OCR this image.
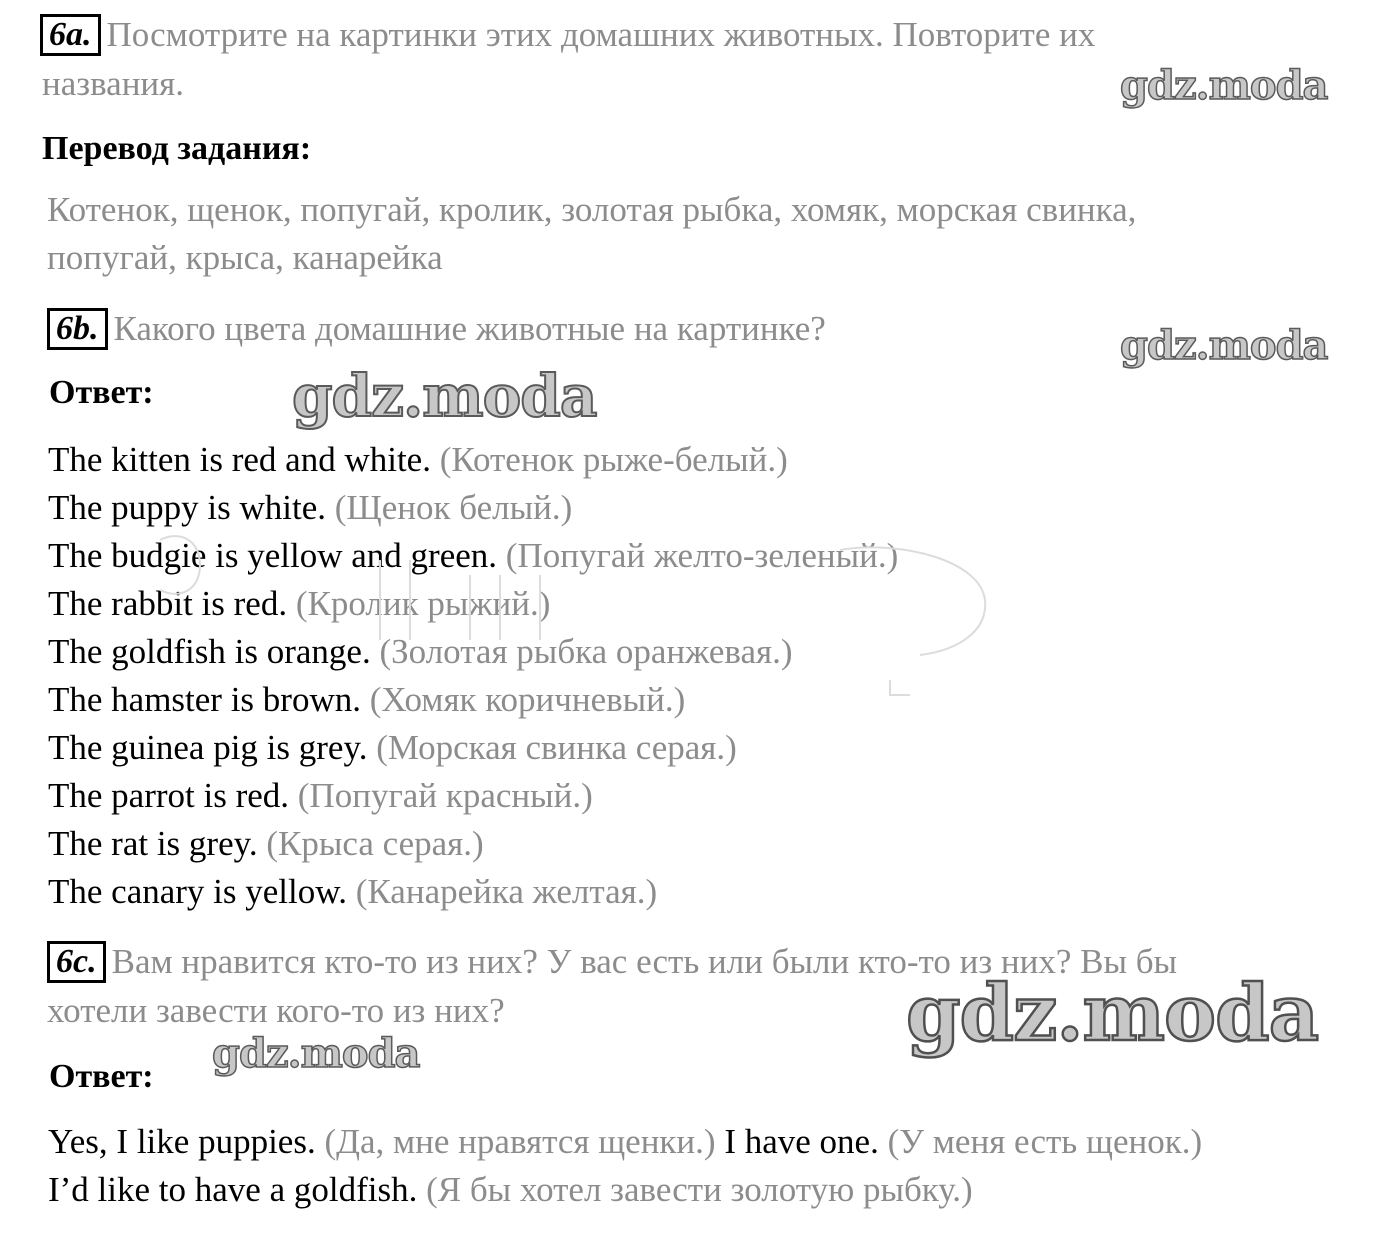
6a. Посмотрите на картинки этих домашних животных. Повторите их
названия.
Перевод задания:
Котенок, щенок, попугай, кролик, золотая рыбка, хомяк, морская свинка,
попугай, крыса, канарейка
6b. Какого цвета домашние животные на картинке?
Ответ:
The kitten is red and white. (Котенок рыже-белый.)
The puppy is white. (Щенок белый.)
The budgie is yellow and green. (Попугай желто-зеленый.)
The rabbit is red. (Кролик рыжий.)
The goldfish is orange. (Золотая рыбка оранжевая.)
The hamster is brown. (Хомяк коричневый.)
The guinea pig is grey. (Морская свинка серая.)
The parrot is red. (Попугай красный.)
The rat is grey. (Крыса серая.)
The canary is yellow. (Канарейка желтая.)
6c. Вам нравится кто-то из них? У вас есть или были кто-то из них? Вы бы
хотели завести кого-то из них?
Ответ:
Yes, I like puppies. (Да, мне нравятся щенки.) I have one. (У меня есть щенок.)
I’d like to have a goldfish. (Я бы хотел завести золотую рыбку.)
gdz.moda
gdz.moda
gdz.moda
gdz.moda
gdz.moda
